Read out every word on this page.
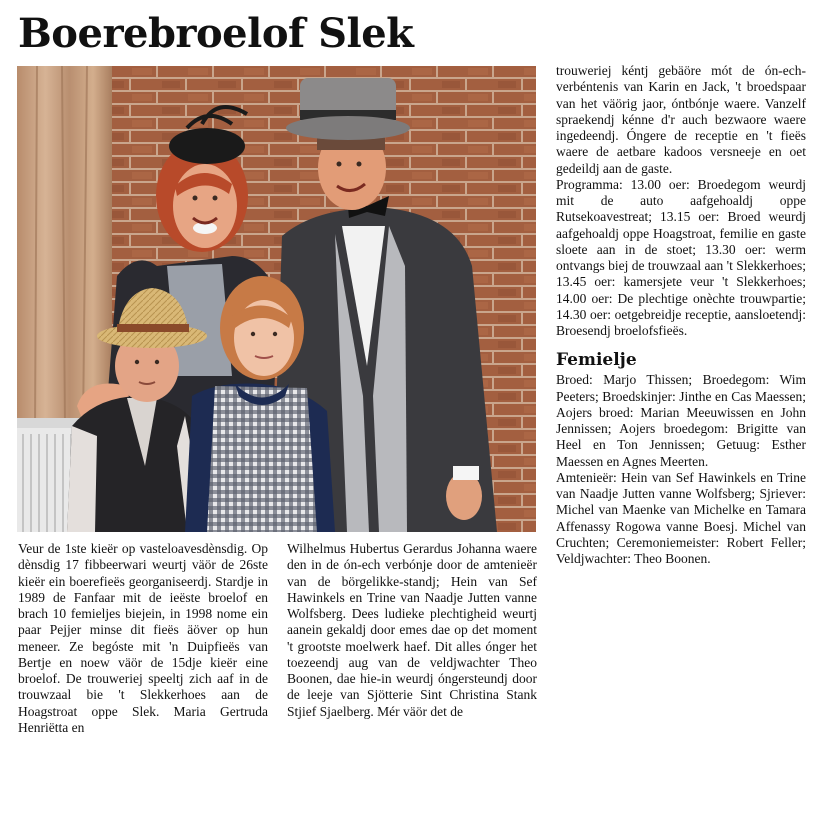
Boerebroelof Slek

Veur de 1ste kieër op vasteloavesdènsdig. Op dènsdig 17 fibbeerwari weurtj väör de 26ste kieër ein boerefieës georganiseerdj. Stardje in 1989 de Fanfaar mit de ieëste broelof en brach 10 femieljes biejein, in 1998 nome ein paar Pejjer minse dit fieës äöver op hun meneer. Ze begóste mit 'n Duipfieës van Bertje en noew väör de 15dje kieër eine broelof. De trouweriej speeltj zich aaf in de trouwzaal bie 't Slekkerhoes aan de Hoagstroat oppe Slek. Maria Gertruda Henriëtta en

Wilhelmus Hubertus Gerardus Johanna waere den in de ón-ech verbónje door de amtenieër van de börgelikke-standj; Hein van Sef Hawinkels en Trine van Naadje Jutten vanne Wolfsberg. Dees ludieke plechtigheid weurtj aanein gekaldj door emes dae op det moment 't grootste moelwerk haef. Dit alles ónger het toezeendj aug van de veldjwachter Theo Boonen, dae hie-in weurdj óngersteundj door de leeje van Sjötterie Sint Christina Stank Stjief Sjaelberg. Mér väör det de

trouweriej kéntj gebäöre mót de ón-ech-verbéntenis van Karin en Jack, 't broedspaar van het väörig jaor, óntbónje waere. Vanzelf spraekendj kénne d'r auch bezwaore waere ingedeendj. Óngere de receptie en 't fieës waere de aetbare kadoos versneeje en oet gedeildj aan de gaste.

Programma: 13.00 oer: Broedegom weurdj mit de auto aafgehoaldj oppe Rutsekoavestreat; 13.15 oer: Broed weurdj aafgehoaldj oppe Hoagstroat, femilie en gaste sloete aan in de stoet; 13.30 oer: werm ontvangs biej de trouwzaal aan 't Slekkerhoes; 13.45 oer: kamersjete veur 't Slekkerhoes; 14.00 oer: De plechtige onèchte trouwpartie; 14.30 oer: oetgebreidje receptie, aansloetendj: Broesendj broelofsfieës.

Femielje

Broed: Marjo Thissen; Broedegom: Wim Peeters; Broedskinjer: Jinthe en Cas Maessen; Aojers broed: Marian Meeuwissen en John Jennissen; Aojers broedegom: Brigitte van Heel en Ton Jennissen; Getuug: Esther Maessen en Agnes Meerten.

Amtenieër: Hein van Sef Hawinkels en Trine van Naadje Jutten vanne Wolfsberg; Sjriever: Michel van Maenke van Michelke en Tamara Affenassy Rogowa vanne Boesj. Michel van Cruchten; Ceremoniemeister: Robert Feller; Veldjwachter: Theo Boonen.
